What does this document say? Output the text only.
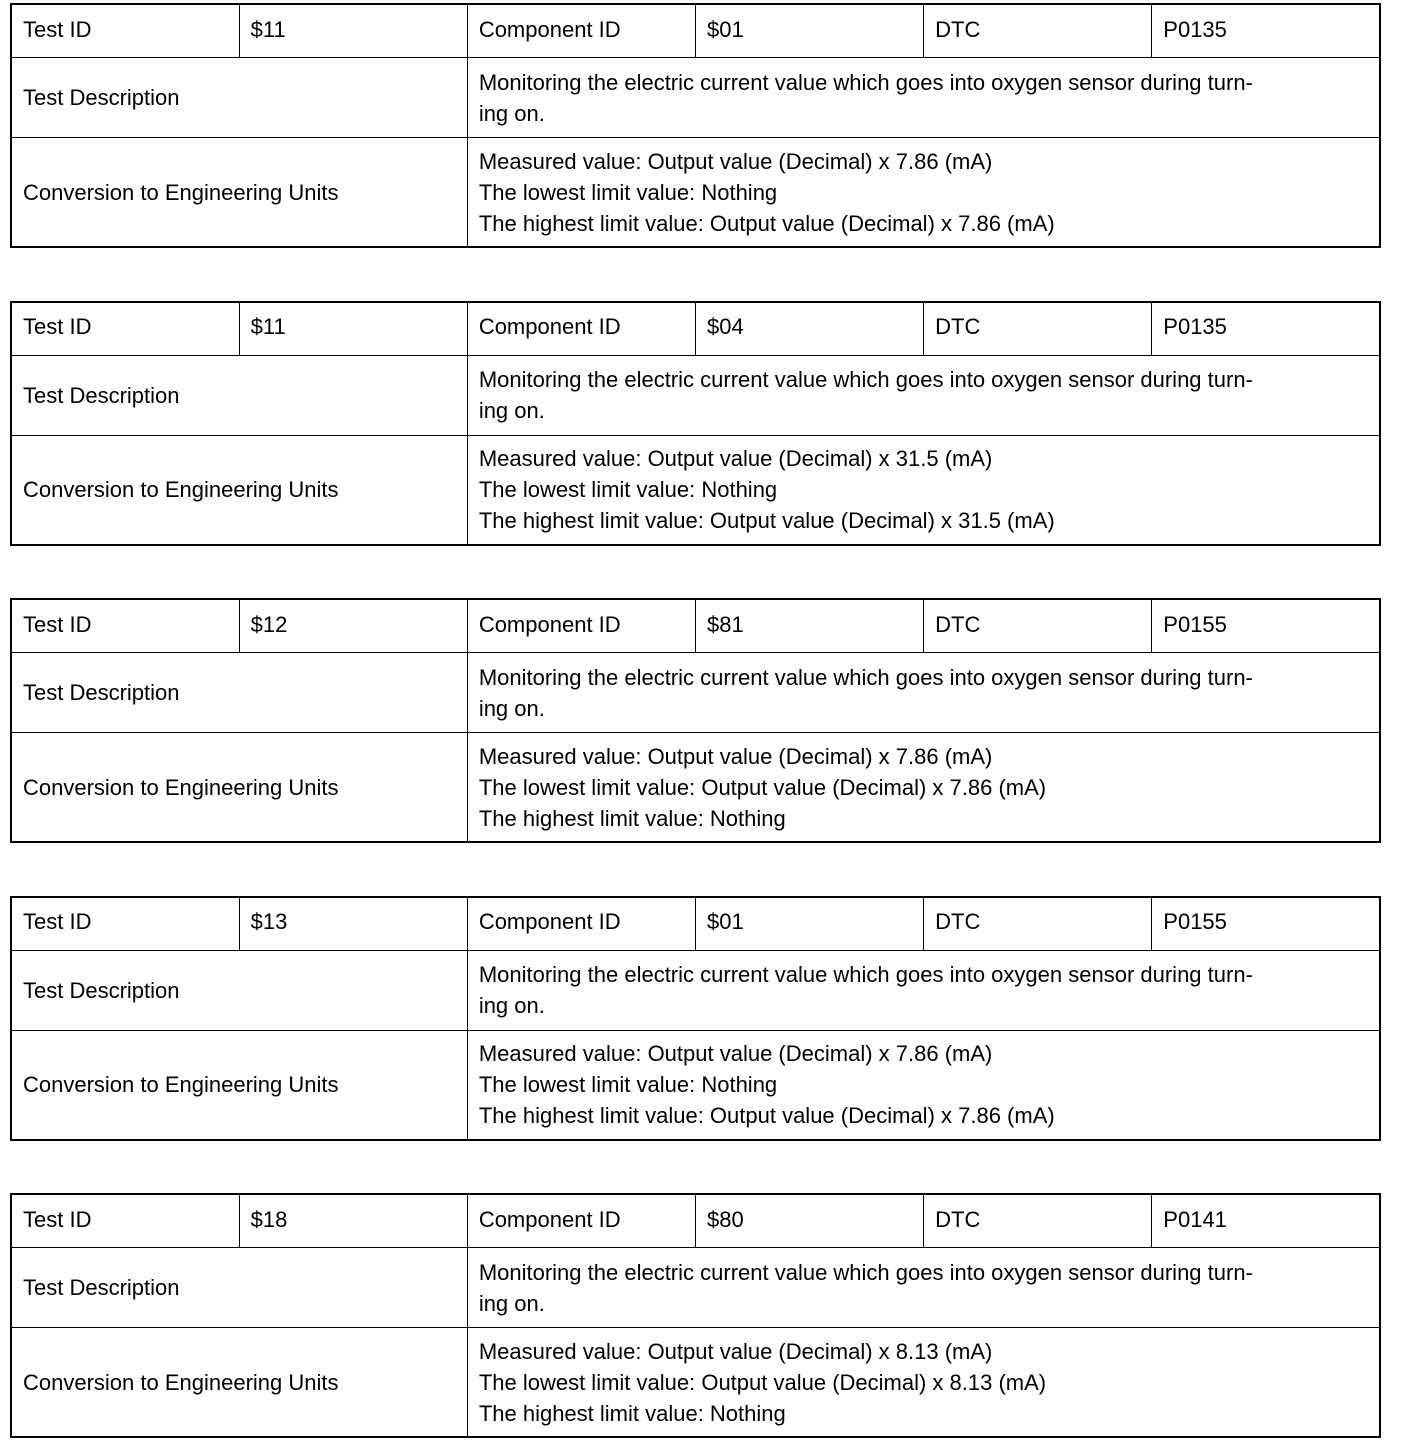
Test ID	$11	Component ID	$01	DTC	P0135
Test Description		Monitoring the electric current value which goes into oxygen sensor during turn-
ing on.			

Conversion to Engineering Units		Measured value: Output value (Decimal) x 7.86 (mA)
The lowest limit value: Nothing
The highest limit value: Output value (Decimal) x 7.86 (mA)			
Test ID	$11	Component ID	$04	DTC	P0135
Test Description		Monitoring the electric current value which goes into oxygen sensor during turn-
ing on.			

Conversion to Engineering Units		Measured value: Output value (Decimal) x 31.5 (mA)
The lowest limit value: Nothing
The highest limit value: Output value (Decimal) x 31.5 (mA)			
Test ID	$12	Component ID	$81	DTC	P0155
Test Description		Monitoring the electric current value which goes into oxygen sensor during turn-
ing on.			

Conversion to Engineering Units		Measured value: Output value (Decimal) x 7.86 (mA)
The lowest limit value: Output value (Decimal) x 7.86 (mA)
The highest limit value: Nothing			
Test ID	$13	Component ID	$01	DTC	P0155
Test Description		Monitoring the electric current value which goes into oxygen sensor during turn-
ing on.			

Conversion to Engineering Units		Measured value: Output value (Decimal) x 7.86 (mA)
The lowest limit value: Nothing
The highest limit value: Output value (Decimal) x 7.86 (mA)			
Test ID	$18	Component ID	$80	DTC	P0141
Test Description		Monitoring the electric current value which goes into oxygen sensor during turn-
ing on.			

Conversion to Engineering Units		Measured value: Output value (Decimal) x 8.13 (mA)
The lowest limit value: Output value (Decimal) x 8.13 (mA)
The highest limit value: Nothing			
